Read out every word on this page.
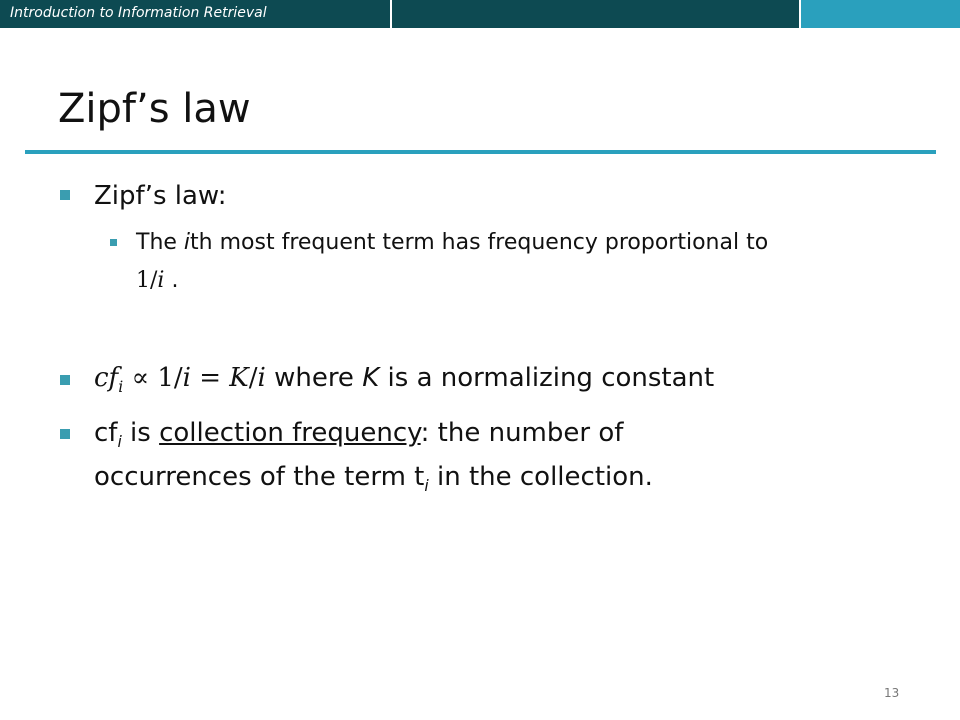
Introduction to Information Retrieval
Zipf’s law
Zipf’s law:
The ith most frequent term has frequency proportional to
1/i .
$cf_i \propto 1/i = K/i$ where K is a normalizing constant
$cf_i$ is collection frequency: the number of
occurrences of the term $t_i$ in the collection.
13
